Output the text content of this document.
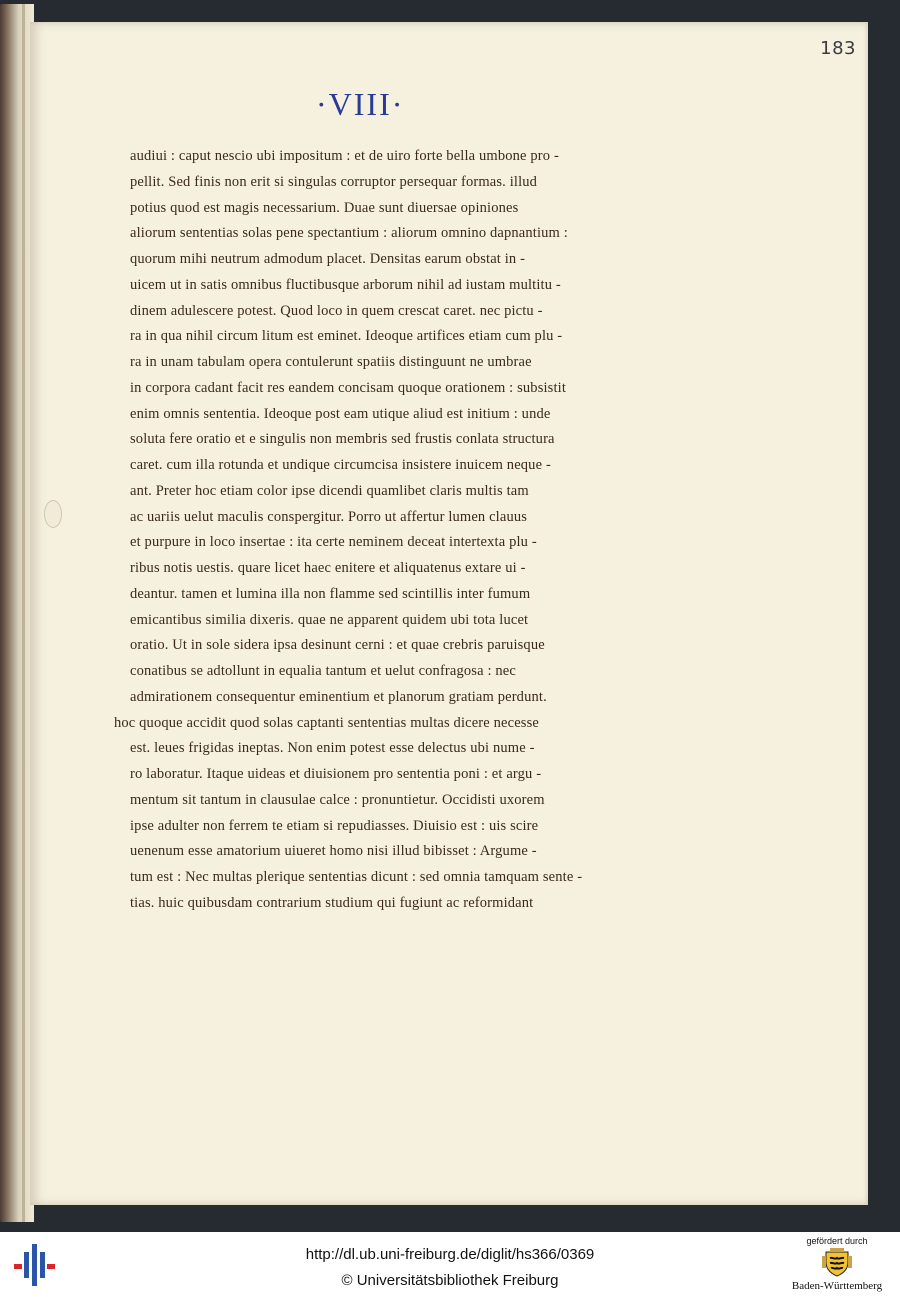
183
·VIII·
audiui : caput nescio ubi impositum : et de uiro forte bella umbone pro -
pellit. Sed finis non erit si singulas corruptor persequar formas. illud
potius quod est magis necessarium. Duae sunt diuersae opiniones
aliorum sententias solas pene spectantium : aliorum omnino dapnantium :
quorum mihi neutrum admodum placet. Densitas earum obstat in -
uicem ut in satis omnibus fluctibusque arborum nihil ad iustam multitu -
dinem adulescere potest. Quod loco in quem crescat caret. nec pictu -
ra in qua nihil circum litum est eminet. Ideoque artifices etiam cum plu -
ra in unam tabulam opera contulerunt spatiis distinguunt ne umbrae
in corpora cadant facit res eandem concisam quoque orationem : subsistit
enim omnis sententia. Ideoque post eam utique aliud est initium : unde
soluta fere oratio et e singulis non membris sed frustis conlata structura
caret. cum illa rotunda et undique circumcisa insistere inuicem neque -
ant. Preter hoc etiam color ipse dicendi quamlibet claris multis tam
ac uariis uelut maculis conspergitur. Porro ut affertur lumen clauus
et purpure in loco insertae : ita certe neminem deceat intertexta plu -
ribus notis uestis. quare licet haec enitere et aliquatenus extare ui -
deantur. tamen et lumina illa non flamme sed scintillis inter fumum
emicantibus similia dixeris. quae ne apparent quidem ubi tota lucet
oratio. Ut in sole sidera ipsa desinunt cerni : et quae crebris paruisque
conatibus se adtollunt in equalia tantum et uelut confragosa : nec
admirationem consequentur eminentium et planorum gratiam perdunt.
hoc quoque accidit quod solas captanti sententias multas dicere necesse
est. leues frigidas ineptas. Non enim potest esse delectus ubi nume -
ro laboratur. Itaque uideas et diuisionem pro sententia poni : et argu -
mentum sit tantum in clausulae calce : pronuntietur. Occidisti uxorem
ipse adulter non ferrem te etiam si repudiasses. Diuisio est : uis scire
uenenum esse amatorium uiueret homo nisi illud bibisset : Argume -
tum est : Nec multas plerique sententias dicunt : sed omnia tamquam sente -
tias. huic quibusdam contrarium studium qui fugiunt ac reformidant
http://dl.ub.uni-freiburg.de/diglit/hs366/0369
© Universitätsbibliothek Freiburg
gefördert durch
Baden-Württemberg
